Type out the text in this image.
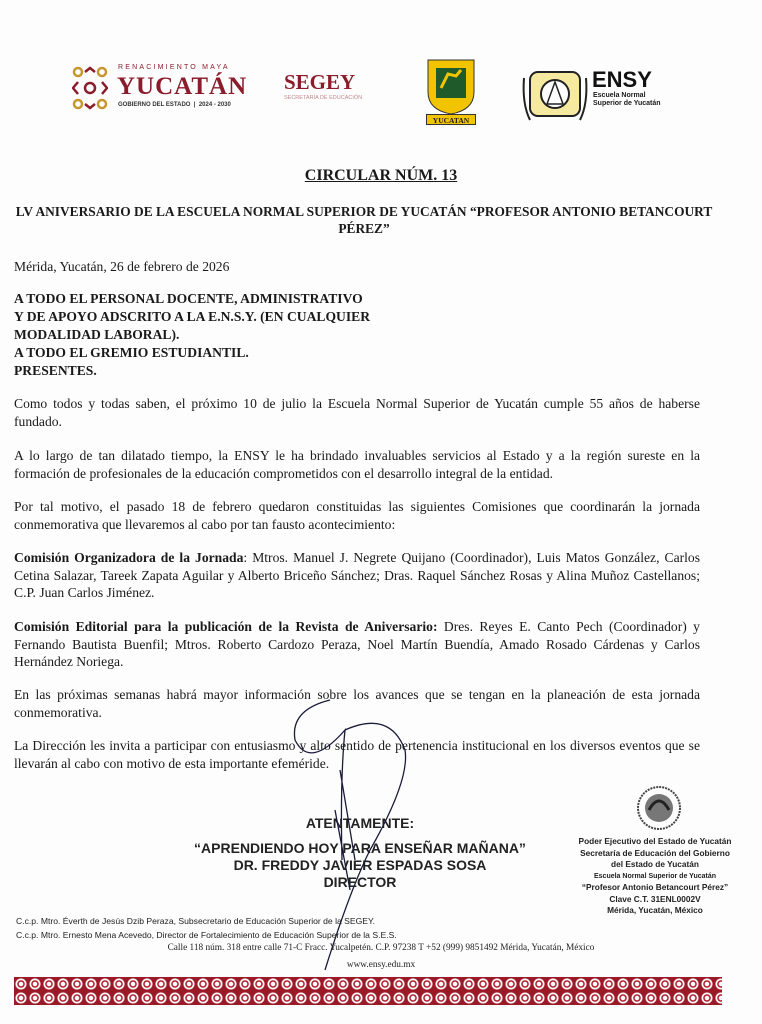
RENACIMIENTO MAYA
YUCATÁN
GOBIERNO DEL ESTADO  |  2024 - 2030
SEGEY
SECRETARÍA DE EDUCACIÓN
YUCATAN
ENSY
Escuela Normal
Superior de Yucatán
CIRCULAR NÚM. 13
LV ANIVERSARIO DE LA ESCUELA NORMAL SUPERIOR DE YUCATÁN “PROFESOR ANTONIO BETANCOURT PÉREZ”
Mérida, Yucatán, 26 de febrero de 2026
A TODO EL PERSONAL DOCENTE, ADMINISTRATIVO
Y DE APOYO ADSCRITO A LA E.N.S.Y. (EN CUALQUIER
MODALIDAD LABORAL).
A TODO EL GREMIO ESTUDIANTIL.
PRESENTES.
Como todos y todas saben, el próximo 10 de julio la Escuela Normal Superior de Yucatán cumple 55 años de haberse fundado.
A lo largo de tan dilatado tiempo, la ENSY le ha brindado invaluables servicios al Estado y a la región sureste en la formación de profesionales de la educación comprometidos con el desarrollo integral de la entidad.
Por tal motivo, el pasado 18 de febrero quedaron constituidas las siguientes Comisiones que coordinarán la jornada conmemorativa que llevaremos al cabo por tan fausto acontecimiento:
Comisión Organizadora de la Jornada: Mtros. Manuel J. Negrete Quijano (Coordinador), Luis Matos González, Carlos Cetina Salazar, Tareek Zapata Aguilar y Alberto Briceño Sánchez; Dras. Raquel Sánchez Rosas y Alina Muñoz Castellanos; C.P. Juan Carlos Jiménez.
Comisión Editorial para la publicación de la Revista de Aniversario: Dres. Reyes E. Canto Pech (Coordinador) y Fernando Bautista Buenfil; Mtros. Roberto Cardozo Peraza, Noel Martín Buendía, Amado Rosado Cárdenas y Carlos Hernández Noriega.
En las próximas semanas habrá mayor información sobre los avances que se tengan en la planeación de esta jornada conmemorativa.
La Dirección les invita a participar con entusiasmo y alto sentido de pertenencia institucional en los diversos eventos que se llevarán al cabo con motivo de esta importante efeméride.
ATENTAMENTE:
“APRENDIENDO HOY PARA ENSEÑAR MAÑANA”
DR. FREDDY JAVIER ESPADAS SOSA
DIRECTOR
Poder Ejecutivo del Estado de Yucatán
Secretaría de Educación del Gobierno
del Estado de Yucatán
Escuela Normal Superior de Yucatán
“Profesor Antonio Betancourt Pérez”
Clave C.T. 31ENL0002V
Mérida, Yucatán, México
C.c.p. Mtro. Éverth de Jesús Dzib Peraza, Subsecretario de Educación Superior de la SEGEY.
C.c.p. Mtro. Ernesto Mena Acevedo, Director de Fortalecimiento de Educación Superior de la S.E.S.
Calle 118 núm. 318 entre calle 71-C Fracc. Yucalpetén. C.P. 97238 T +52 (999) 9851492 Mérida, Yucatán, México
www.ensy.edu.mx
